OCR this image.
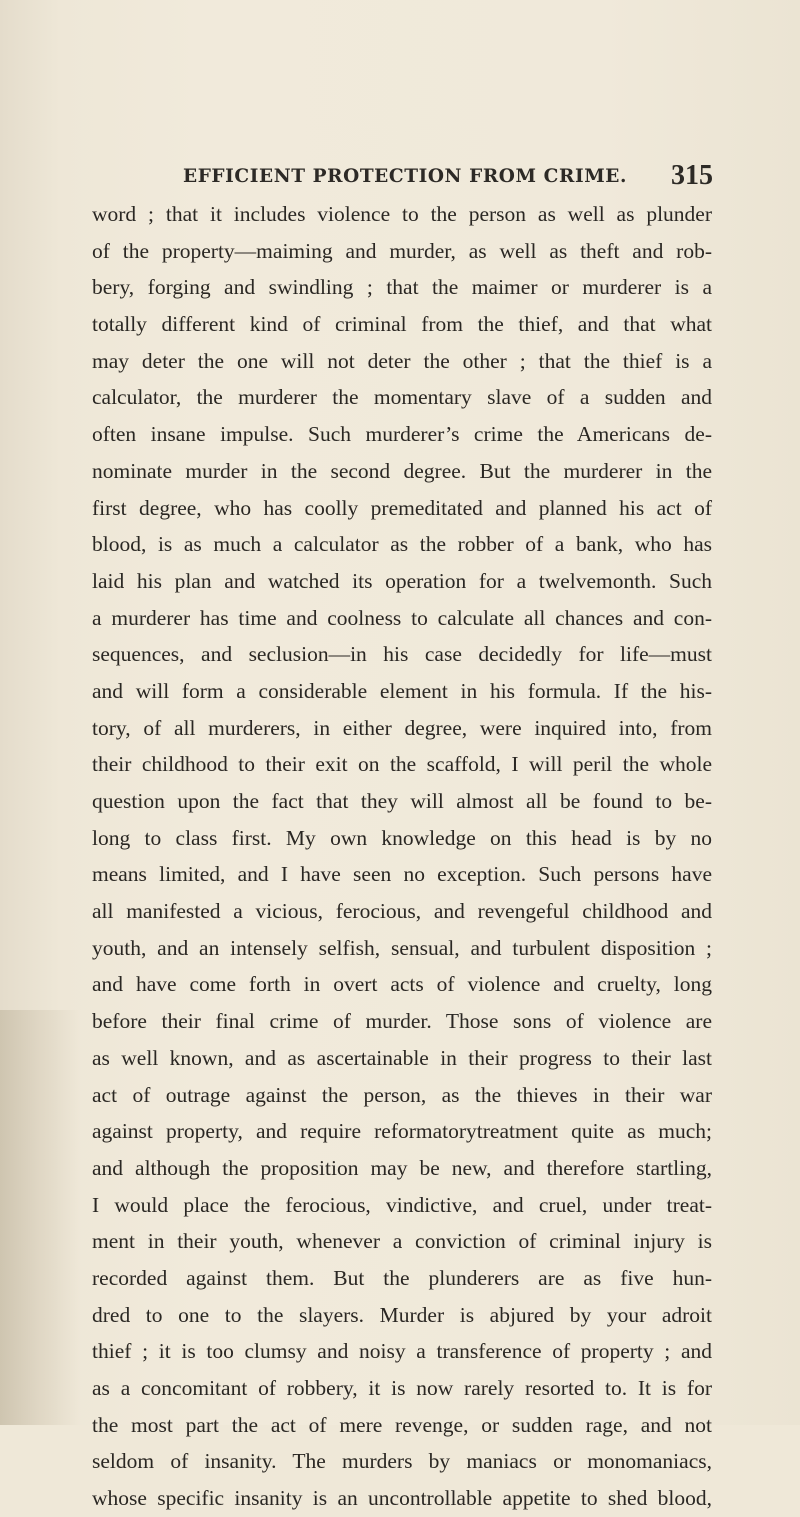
EFFICIENT PROTECTION FROM CRIME. 315
word ; that it includes violence to the person as well as plunder
of the property—maiming and murder, as well as theft and rob-
bery, forging and swindling ; that the maimer or murderer is a
totally different kind of criminal from the thief, and that what
may deter the one will not deter the other ; that the thief is a
calculator, the murderer the momentary slave of a sudden and
often insane impulse. Such murderer’s crime the Americans de-
nominate murder in the second degree. But the murderer in the
first degree, who has coolly premeditated and planned his act of
blood, is as much a calculator as the robber of a bank, who has
laid his plan and watched its operation for a twelvemonth. Such
a murderer has time and coolness to calculate all chances and con-
sequences, and seclusion—in his case decidedly for life—must
and will form a considerable element in his formula. If the his-
tory, of all murderers, in either degree, were inquired into, from
their childhood to their exit on the scaffold, I will peril the whole
question upon the fact that they will almost all be found to be-
long to class first. My own knowledge on this head is by no
means limited, and I have seen no exception. Such persons have
all manifested a vicious, ferocious, and revengeful childhood and
youth, and an intensely selfish, sensual, and turbulent disposition ;
and have come forth in overt acts of violence and cruelty, long
before their final crime of murder. Those sons of violence are
as well known, and as ascertainable in their progress to their last
act of outrage against the person, as the thieves in their war
against property, and require reformatorytreatment quite as much;
and although the proposition may be new, and therefore startling,
I would place the ferocious, vindictive, and cruel, under treat-
ment in their youth, whenever a conviction of criminal injury is
recorded against them. But the plunderers are as five hun-
dred to one to the slayers. Murder is abjured by your adroit
thief ; it is too clumsy and noisy a transference of property ; and
as a concomitant of robbery, it is now rarely resorted to. It is for
the most part the act of mere revenge, or sudden rage, and not
seldom of insanity. The murders by maniacs or monomaniacs,
whose specific insanity is an uncontrollable appetite to shed blood,
